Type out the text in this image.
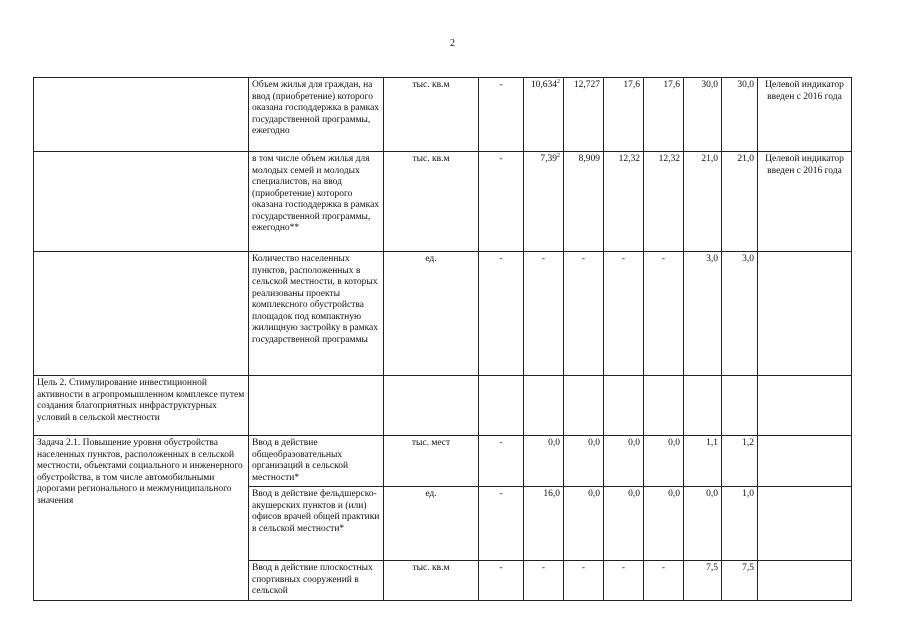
2
	Объем жилья для граждан, на ввод (приобретение) которого оказана господдержка в рамках государственной программы, ежегодно	тыс. кв.м	-	10,634$^2$	12,727	17,6	17,6	30,0	30,0	Целевой индикатор введен с 2016 года
	в том числе объем жилья для молодых семей и молодых специалистов, на ввод (приобретение) которого оказана господдержка в рамках государственной программы, ежегодно**	тыс. кв.м	-	7,39$^2$	8,909	12,32	12,32	21,0	21,0	Целевой индикатор введен с 2016 года
	Количество населенных пунктов, расположенных в сельской местности, в которых реализованы проекты комплексного обустройства площадок под компактную жилищную застройку в рамках государственной программы	ед.	-	-	-	-	-	3,0	3,0	
Цель 2. Стимулирование инвестиционной активности в агропромышленном комплексе путем создания благоприятных инфраструктурных условий в сельской местности										
Задача 2.1. Повышение уровня обустройства населенных пунктов, расположенных в сельской местности, объектами социального и инженерного обустройства, в том числе автомобильными дорогами регионального и межмуниципального значения	Ввод в действие общеобразовательных организаций в сельской местности*	тыс. мест	-	0,0	0,0	0,0	0,0	1,1	1,2	
	Ввод в действие фельдшерско-акушерских пунктов и (или) офисов врачей общей практики в сельской местности*	ед.	-	16,0	0,0	0,0	0,0	0,0	1,0	
	Ввод в действие плоскостных спортивных сооружений в сельской	тыс. кв.м	-	-	-	-	-	7,5	7,5	
